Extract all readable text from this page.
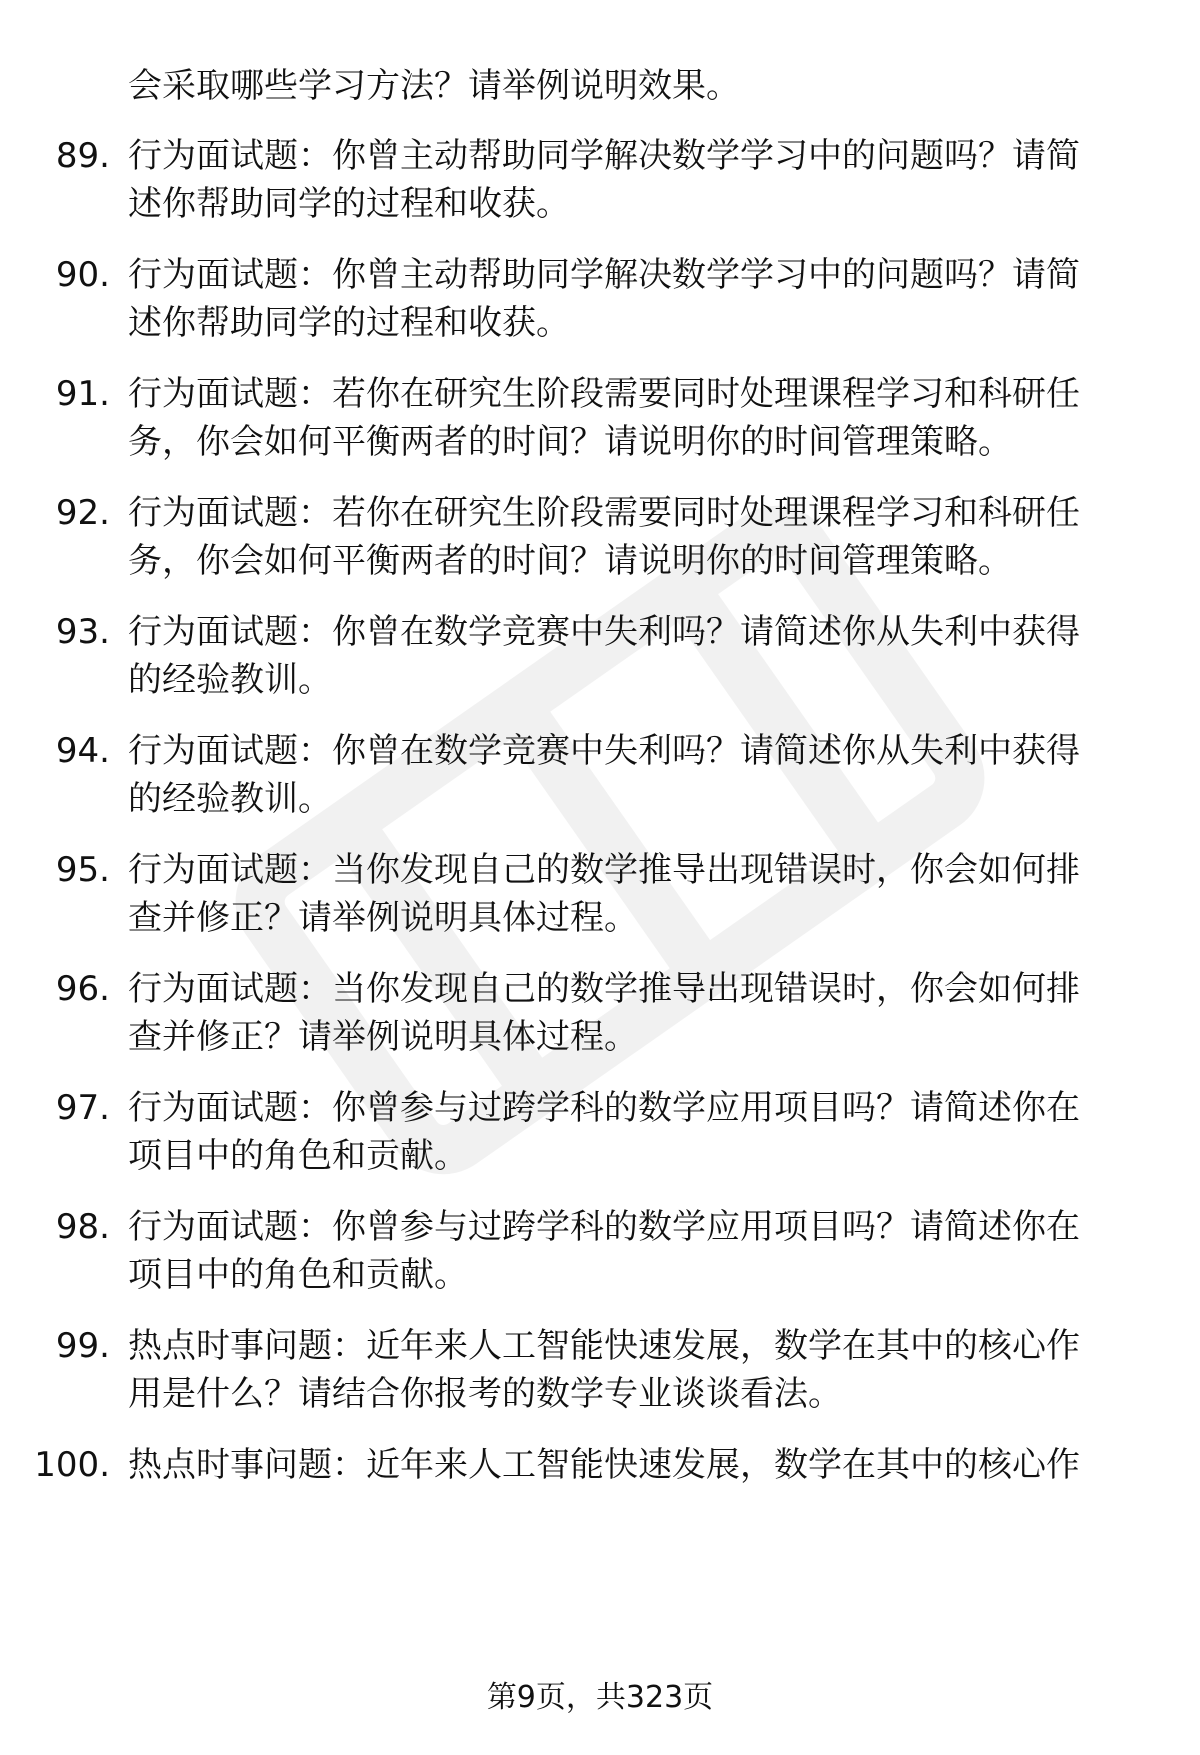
会采取哪些学习方法？请举例说明效果。
89. 行为面试题：你曾主动帮助同学解决数学学习中的问题吗？请简
述你帮助同学的过程和收获。
90. 行为面试题：你曾主动帮助同学解决数学学习中的问题吗？请简
述你帮助同学的过程和收获。
91. 行为面试题：若你在研究生阶段需要同时处理课程学习和科研任
务，你会如何平衡两者的时间？请说明你的时间管理策略。
92. 行为面试题：若你在研究生阶段需要同时处理课程学习和科研任
务，你会如何平衡两者的时间？请说明你的时间管理策略。
93. 行为面试题：你曾在数学竞赛中失利吗？请简述你从失利中获得
的经验教训。
94. 行为面试题：你曾在数学竞赛中失利吗？请简述你从失利中获得
的经验教训。
95. 行为面试题：当你发现自己的数学推导出现错误时，你会如何排
查并修正？请举例说明具体过程。
96. 行为面试题：当你发现自己的数学推导出现错误时，你会如何排
查并修正？请举例说明具体过程。
97. 行为面试题：你曾参与过跨学科的数学应用项目吗？请简述你在
项目中的角色和贡献。
98. 行为面试题：你曾参与过跨学科的数学应用项目吗？请简述你在
项目中的角色和贡献。
99. 热点时事问题：近年来人工智能快速发展，数学在其中的核心作
用是什么？请结合你报考的数学专业谈谈看法。
100. 热点时事问题：近年来人工智能快速发展，数学在其中的核心作
第9页，共323页
